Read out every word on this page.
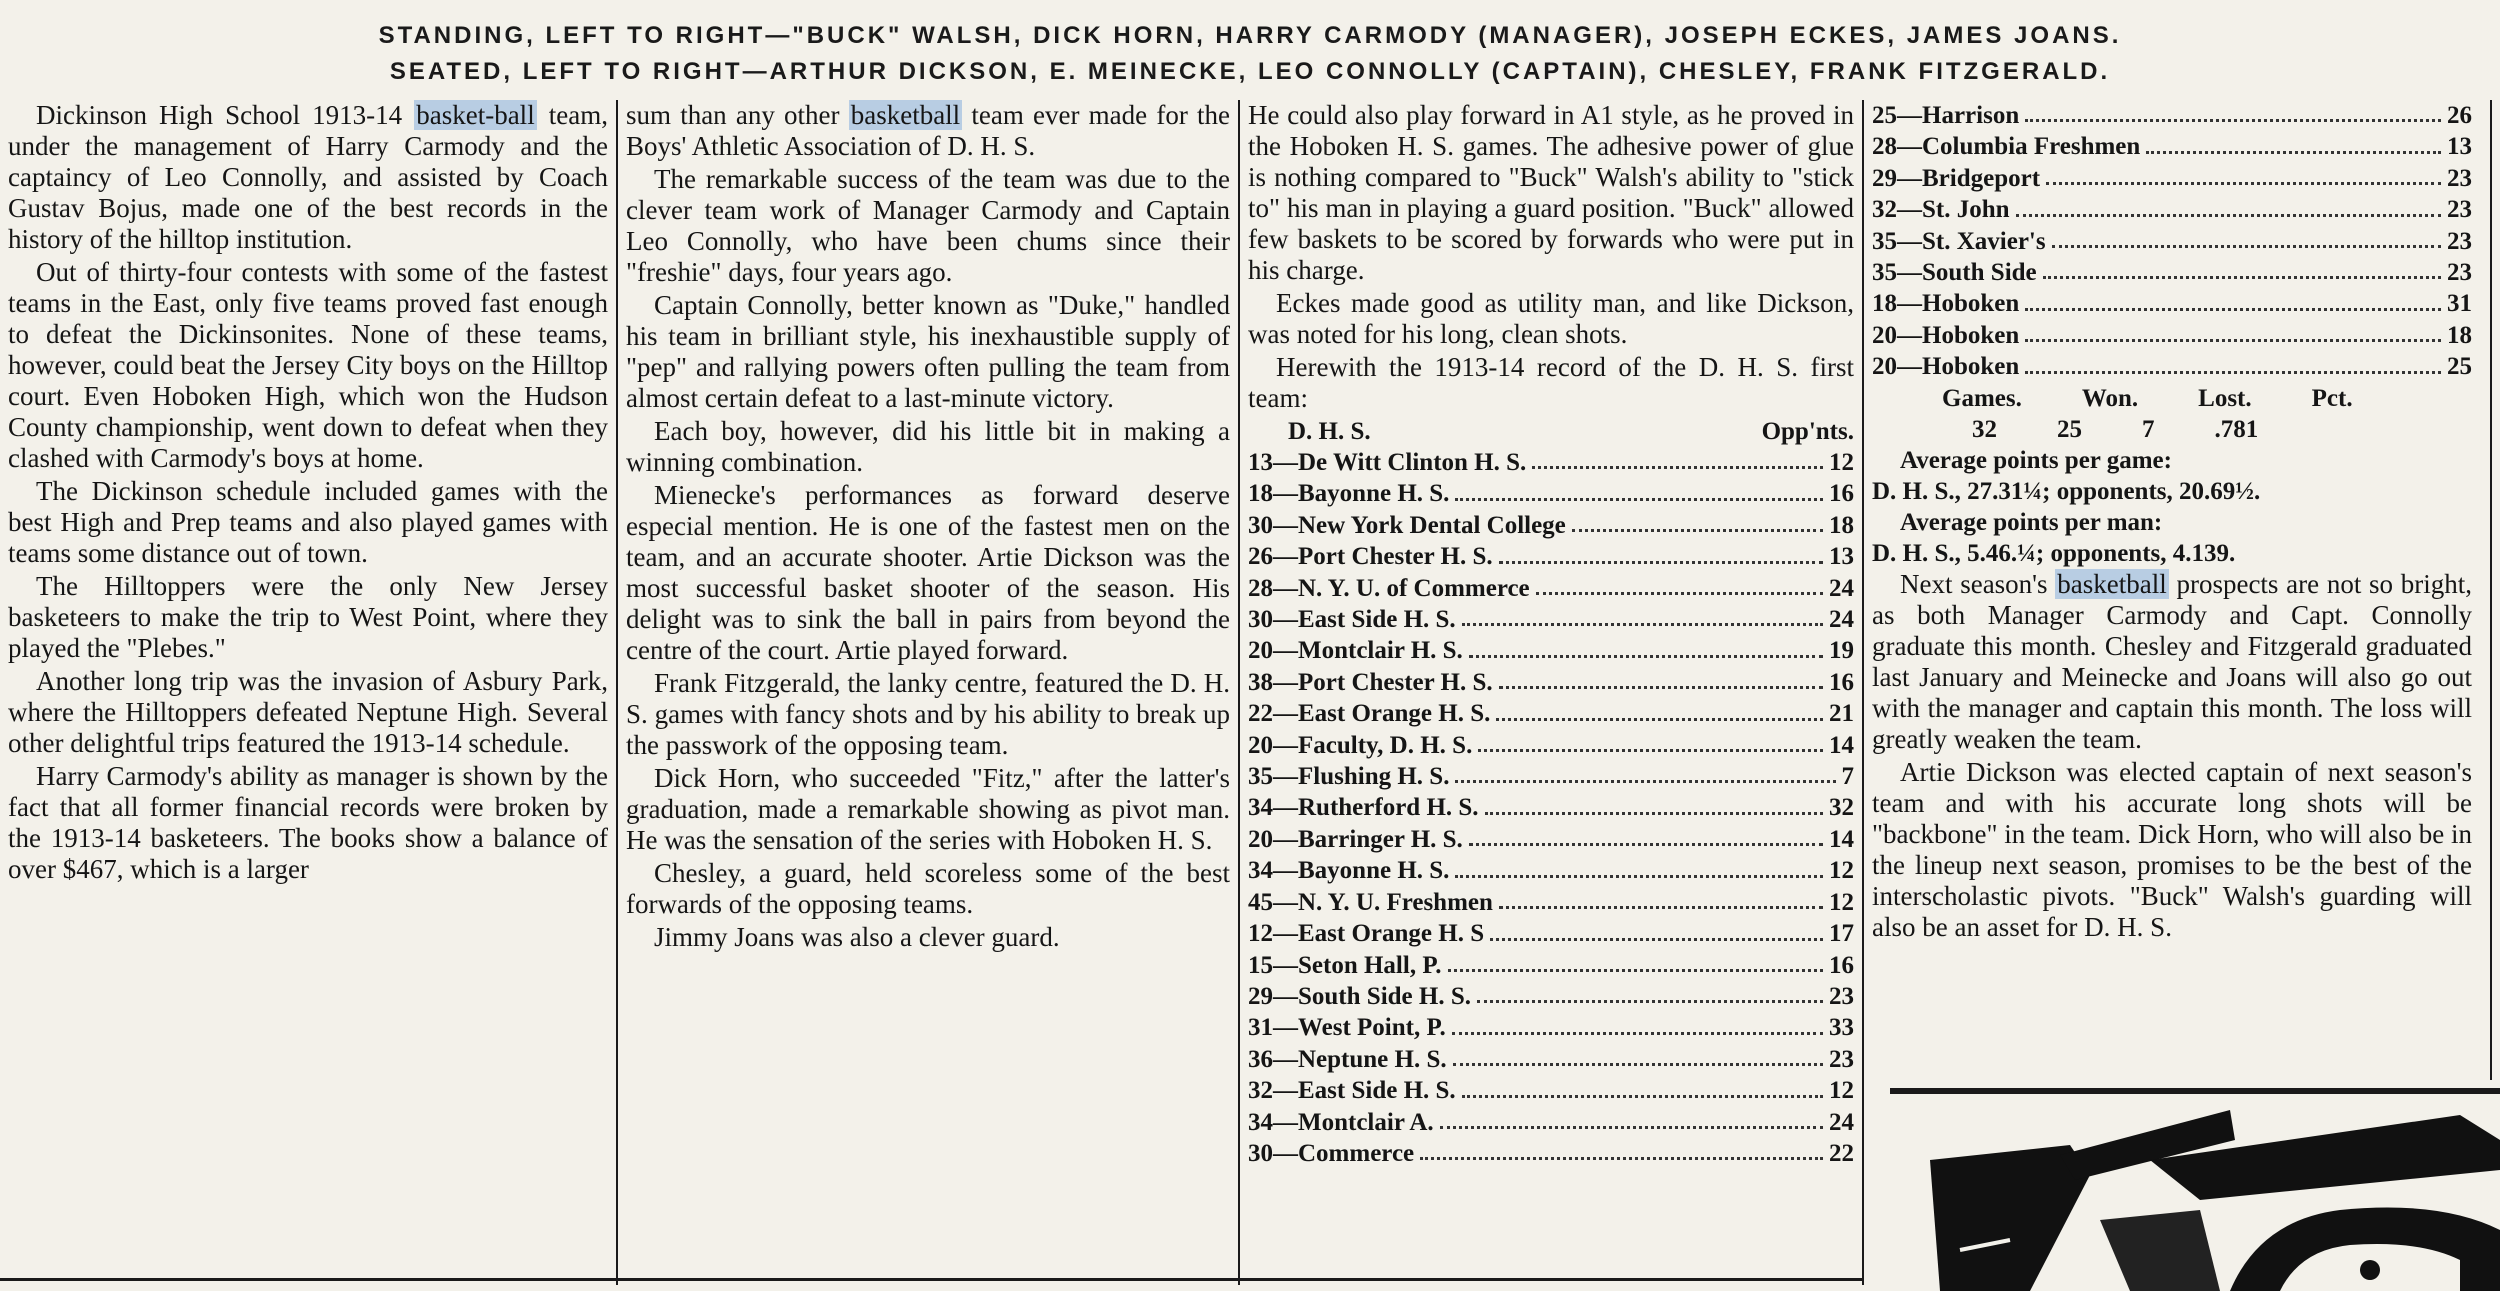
STANDING, LEFT TO RIGHT—"BUCK" WALSH, DICK HORN, HARRY CARMODY (MANAGER), JOSEPH ECKES, JAMES JOANS.
SEATED, LEFT TO RIGHT—ARTHUR DICKSON, E. MEINECKE, LEO CONNOLLY (CAPTAIN), CHESLEY, FRANK FITZGERALD.

Dickinson High School 1913-14 basket-ball team, under the management of Harry Carmody and the captaincy of Leo Connolly, and assisted by Coach Gustav Bojus, made one of the best records in the history of the hilltop institution.

Out of thirty-four contests with some of the fastest teams in the East, only five teams proved fast enough to defeat the Dickinsonites. None of these teams, however, could beat the Jersey City boys on the Hilltop court. Even Hoboken High, which won the Hudson County championship, went down to defeat when they clashed with Carmody's boys at home.

The Dickinson schedule included games with the best High and Prep teams and also played games with teams some distance out of town.

The Hilltoppers were the only New Jersey basketeers to make the trip to West Point, where they played the "Plebes."

Another long trip was the invasion of Asbury Park, where the Hilltoppers defeated Neptune High. Several other delightful trips featured the 1913-14 schedule.

Harry Carmody's ability as manager is shown by the fact that all former financial records were broken by the 1913-14 basketeers. The books show a balance of over $467, which is a larger

sum than any other basketball team ever made for the Boys' Athletic Association of D. H. S.

The remarkable success of the team was due to the clever team work of Manager Carmody and Captain Leo Connolly, who have been chums since their "freshie" days, four years ago.

Captain Connolly, better known as "Duke," handled his team in brilliant style, his inexhaustible supply of "pep" and rallying powers often pulling the team from almost certain defeat to a last-minute victory.

Each boy, however, did his little bit in making a winning combination.

Mienecke's performances as forward deserve especial mention. He is one of the fastest men on the team, and an accurate shooter. Artie Dickson was the most successful basket shooter of the season. His delight was to sink the ball in pairs from beyond the centre of the court. Artie played forward.

Frank Fitzgerald, the lanky centre, featured the D. H. S. games with fancy shots and by his ability to break up the passwork of the opposing team.

Dick Horn, who succeeded "Fitz," after the latter's graduation, made a remarkable showing as pivot man. He was the sensation of the series with Hoboken H. S.

Chesley, a guard, held scoreless some of the best forwards of the opposing teams.

Jimmy Joans was also a clever guard.

He could also play forward in A1 style, as he proved in the Hoboken H. S. games. The adhesive power of glue is nothing compared to "Buck" Walsh's ability to "stick to" his man in playing a guard position. "Buck" allowed few baskets to be scored by forwards who were put in his charge.

Eckes made good as utility man, and like Dickson, was noted for his long, clean shots.

Herewith the 1913-14 record of the D. H. S. first team:

D. H. S.	Opp'nts.
13—De Witt Clinton H. S.	12
18—Bayonne H. S.	16
30—New York Dental College	18
26—Port Chester H. S.	13
28—N. Y. U. of Commerce	24
30—East Side H. S.	24
20—Montclair H. S.	19
38—Port Chester H. S.	16
22—East Orange H. S.	21
20—Faculty, D. H. S.	14
35—Flushing H. S.	7
34—Rutherford H. S.	32
20—Barringer H. S.	14
34—Bayonne H. S.	12
45—N. Y. U. Freshmen	12
12—East Orange H. S	17
15—Seton Hall, P.	16
29—South Side H. S.	23
31—West Point, P.	33
36—Neptune H. S.	23
32—East Side H. S.	12
34—Montclair A.	24
30—Commerce	22
25—Harrison	26
28—Columbia Freshmen	13
29—Bridgeport	23
32—St. John	23
35—St. Xavier's	23
35—South Side	23
18—Hoboken	31
20—Hoboken	18
20—Hoboken	25
Games. Won. Lost. Pct.
32 25 7 .781
Average points per game:
D. H. S., 27.31¼; opponents, 20.69½.
Average points per man:
D. H. S., 5.46.¼; opponents, 4.139.

Next season's basketball prospects are not so bright, as both Manager Carmody and Capt. Connolly graduate this month. Chesley and Fitzgerald graduated last January and Meinecke and Joans will also go out with the manager and captain this month. The loss will greatly weaken the team.

Artie Dickson was elected captain of next season's team and with his accurate long shots will be "backbone" in the team. Dick Horn, who will also be in the lineup next season, promises to be the best of the interscholastic pivots. "Buck" Walsh's guarding will also be an asset for D. H. S.
